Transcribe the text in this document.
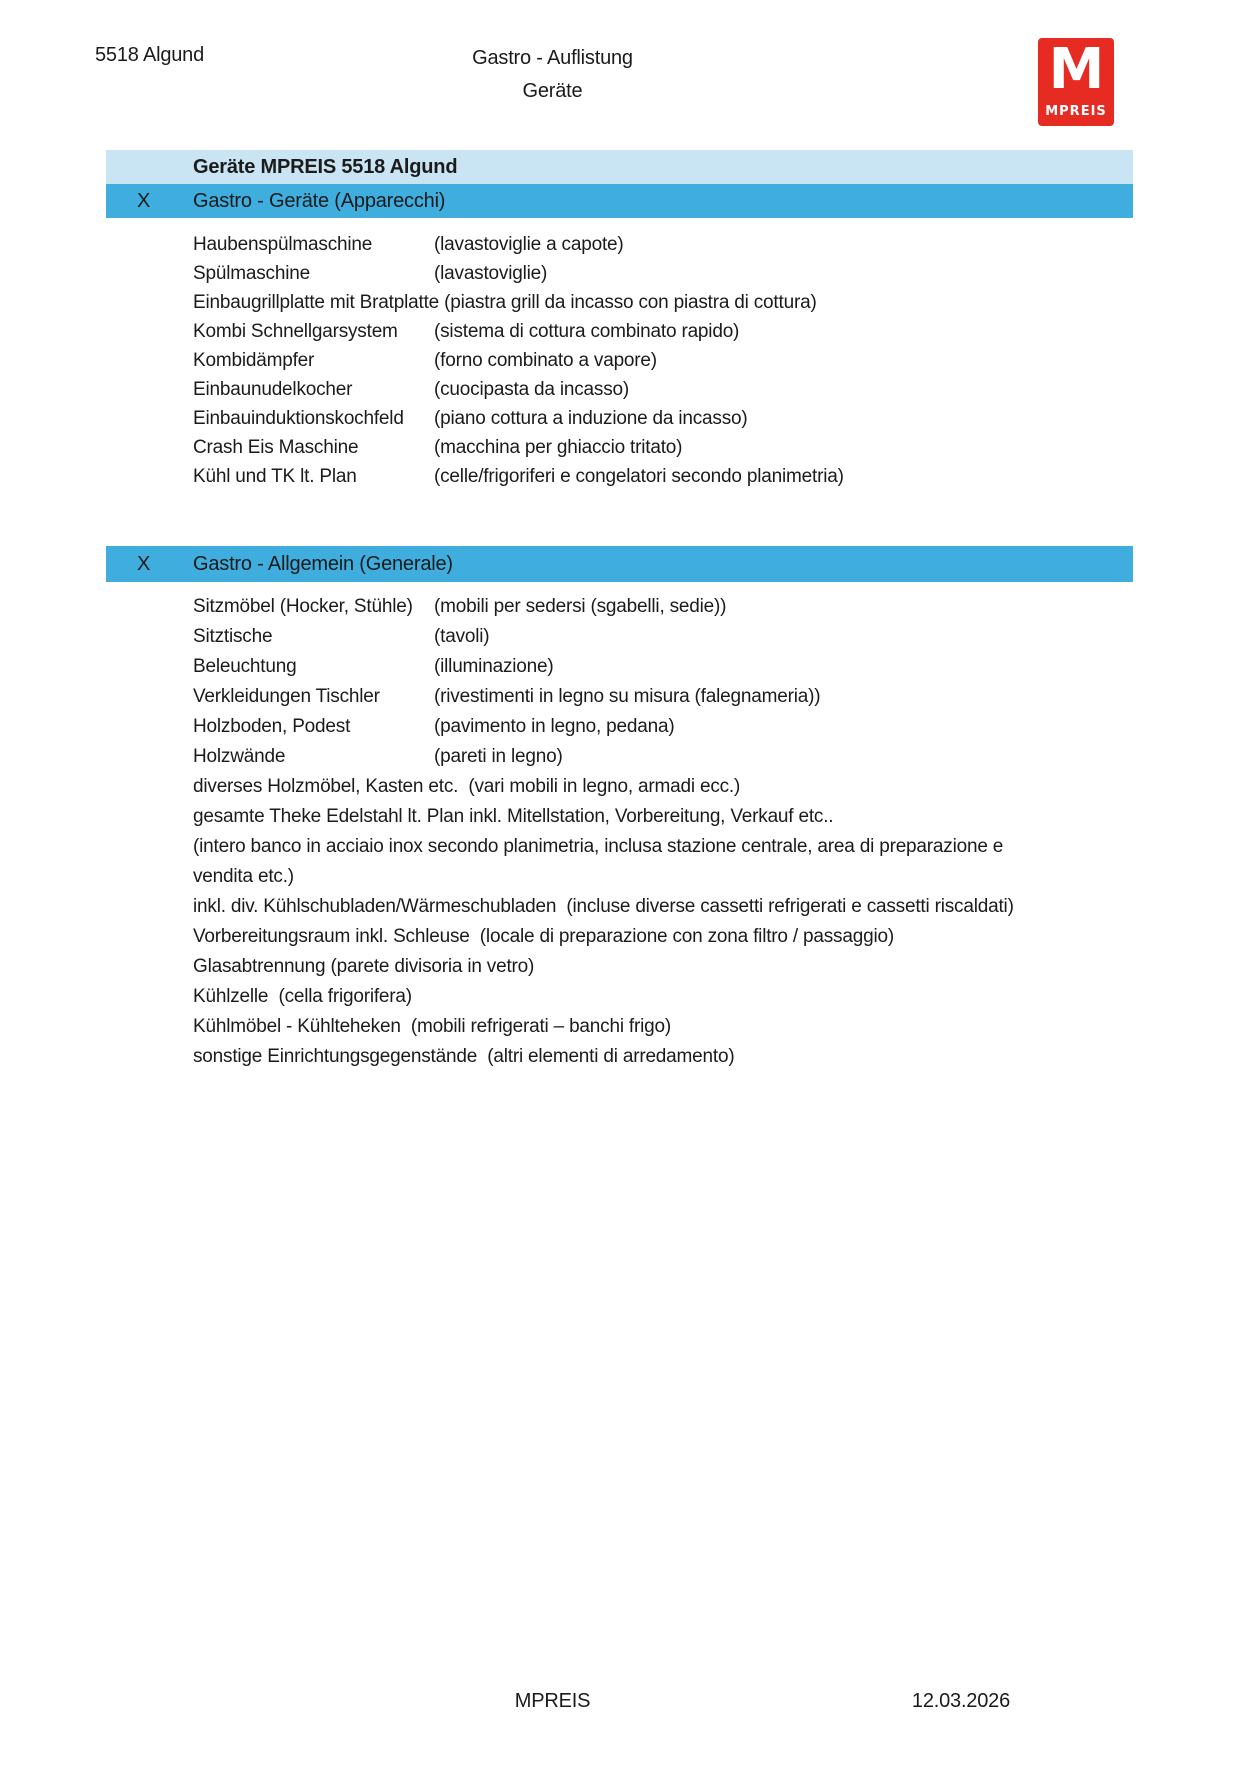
5518 Algund	Gastro - Auflistung
Geräte	M
MPREIS
Geräte MPREIS 5518 Algund
X	Gastro - Geräte (Apparecchi)
Haubenspülmaschine	(lavastoviglie a capote)
Spülmaschine	(lavastoviglie)
Einbaugrillplatte mit Bratplatte (piastra grill da incasso con piastra di cottura)
Kombi Schnellgarsystem	(sistema di cottura combinato rapido)
Kombidämpfer	(forno combinato a vapore)
Einbaunudelkocher	(cuocipasta da incasso)
Einbauinduktionskochfeld	(piano cottura a induzione da incasso)
Crash Eis Maschine	(macchina per ghiaccio tritato)
Kühl und TK lt. Plan	(celle/frigoriferi e congelatori secondo planimetria)
X	Gastro - Allgemein (Generale)
Sitzmöbel (Hocker, Stühle)	(mobili per sedersi (sgabelli, sedie))
Sitztische	(tavoli)
Beleuchtung	(illuminazione)
Verkleidungen Tischler	(rivestimenti in legno su misura (falegnameria))
Holzboden, Podest	(pavimento in legno, pedana)
Holzwände	(pareti in legno)
diverses Holzmöbel, Kasten etc.  (vari mobili in legno, armadi ecc.)
gesamte Theke Edelstahl lt. Plan inkl. Mitellstation, Vorbereitung, Verkauf etc..
(intero banco in acciaio inox secondo planimetria, inclusa stazione centrale, area di preparazione e vendita etc.)
inkl. div. Kühlschubladen/Wärmeschubladen  (incluse diverse cassetti refrigerati e cassetti riscaldati)
Vorbereitungsraum inkl. Schleuse  (locale di preparazione con zona filtro / passaggio)
Glasabtrennung (parete divisoria in vetro)
Kühlzelle  (cella frigorifera)
Kühlmöbel - Kühlteheken  (mobili refrigerati – banchi frigo)
sonstige Einrichtungsgegenstände  (altri elementi di arredamento)
MPREIS	12.03.2026
